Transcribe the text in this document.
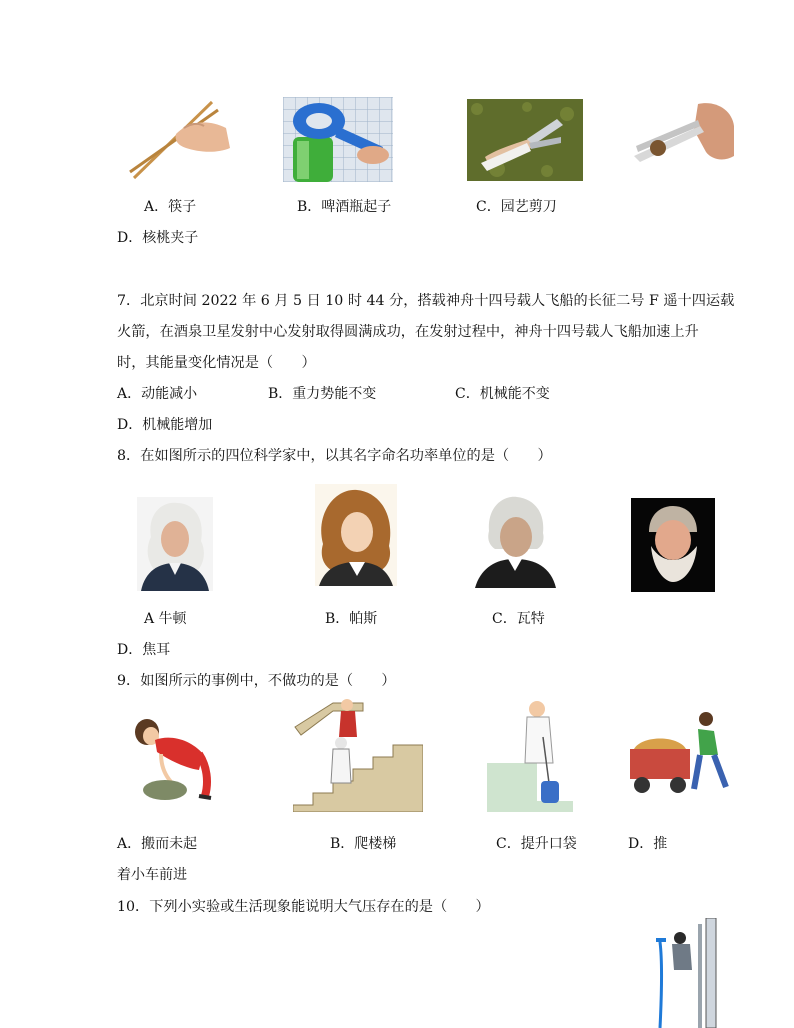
A．筷子	B．啤酒瓶起子	C．园艺剪刀
D．核桃夹子
7．北京时间 2022 年 6 月 5 日 10 时 44 分，搭载神舟十四号载人飞船的长征二号 F 遥十四运载
火箭，在酒泉卫星发射中心发射取得圆满成功，在发射过程中，神舟十四号载人飞船加速上升
时，其能量变化情况是（　　）
A．动能减小	B．重力势能不变	C．机械能不变
D．机械能增加
8．在如图所示的四位科学家中，以其名字命名功率单位的是（　　）
A 牛顿	B．帕斯	C．瓦特
D．焦耳
9．如图所示的事例中，不做功的是（　　）
A．搬而未起	B．爬楼梯	C．提升口袋	D．推
着小车前进
10．下列小实验或生活现象能说明大气压存在的是（　　）
